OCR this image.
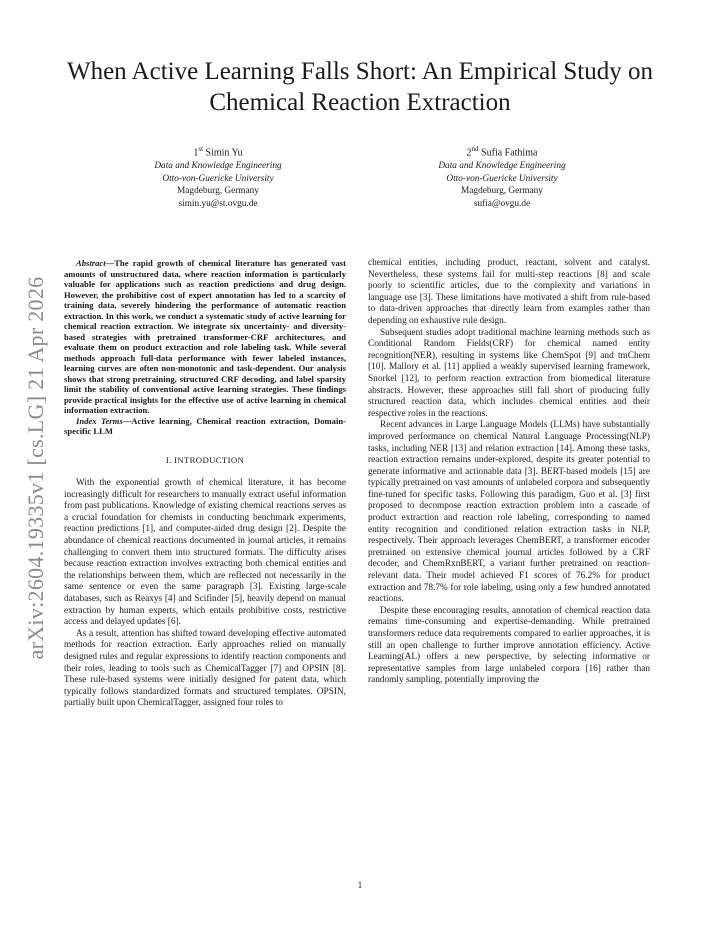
arXiv:2604.19335v1 [cs.LG] 21 Apr 2026
When Active Learning Falls Short: An Empirical Study on Chemical Reaction Extraction
1st Simin Yu
Data and Knowledge Engineering
Otto-von-Guericke University
Magdeburg, Germany
simin.yu@st.ovgu.de
2nd Sufia Fathima
Data and Knowledge Engineering
Otto-von-Guericke University
Magdeburg, Germany
sufia@ovgu.de

Abstract—The rapid growth of chemical literature has generated vast amounts of unstructured data, where reaction information is particularly valuable for applications such as reaction predictions and drug design. However, the prohibitive cost of expert annotation has led to a scarcity of training data, severely hindering the performance of automatic reaction extraction. In this work, we conduct a systematic study of active learning for chemical reaction extraction. We integrate six uncertainty- and diversity-based strategies with pretrained transformer-CRF architectures, and evaluate them on product extraction and role labeling task. While several methods approach full-data performance with fewer labeled instances, learning curves are often non-monotonic and task-dependent. Our analysis shows that strong pretraining, structured CRF decoding, and label sparsity limit the stability of conventional active learning strategies. These findings provide practical insights for the effective use of active learning in chemical information extraction.

Index Terms—Active learning, Chemical reaction extraction, Domain-specific LLM

I. INTRODUCTION

With the exponential growth of chemical literature, it has become increasingly difficult for researchers to manually extract useful information from past publications. Knowledge of existing chemical reactions serves as a crucial foundation for chemists in conducting benchmark experiments, reaction predictions [1], and computer-aided drug design [2]. Despite the abundance of chemical reactions documented in journal articles, it remains challenging to convert them into structured formats. The difficulty arises because reaction extraction involves extracting both chemical entities and the relationships between them, which are reflected not necessarily in the same sentence or even the same paragraph [3]. Existing large-scale databases, such as Reaxys [4] and Scifinder [5], heavily depend on manual extraction by human experts, which entails prohibitive costs, restrictive access and delayed updates [6].

As a result, attention has shifted toward developing effective automated methods for reaction extraction. Early approaches relied on manually designed rules and regular expressions to identify reaction components and their roles, leading to tools such as ChemicalTagger [7] and OPSIN [8]. These rule-based systems were initially designed for patent data, which typically follows standardized formats and structured templates. OPSIN, partially built upon ChemicalTagger, assigned four roles to

chemical entities, including product, reactant, solvent and catalyst. Nevertheless, these systems fail for multi-step reactions [8] and scale poorly to scientific articles, due to the complexity and variations in language use [3]. These limitations have motivated a shift from rule-based to data-driven approaches that directly learn from examples rather than depending on exhaustive rule design.

Subsequent studies adopt traditional machine learning methods such as Conditional Random Fields(CRF) for chemical named entity recognition(NER), resulting in systems like ChemSpot [9] and tmChem [10]. Mallory et al. [11] applied a weakly supervised learning framework, Snorkel [12], to perform reaction extraction from biomedical literature abstracts. However, these approaches still fall short of producing fully structured reaction data, which includes chemical entities and their respective roles in the reactions.

Recent advances in Large Language Models (LLMs) have substantially improved performance on chemical Natural Language Processing(NLP) tasks, including NER [13] and relation extraction [14]. Among these tasks, reaction extraction remains under-explored, despite its greater potential to generate informative and actionable data [3]. BERT-based models [15] are typically pretrained on vast amounts of unlabeled corpora and subsequently fine-tuned for specific tasks. Following this paradigm, Guo et al. [3] first proposed to decompose reaction extraction problem into a cascade of product extraction and reaction role labeling, corresponding to named entity recognition and conditioned relation extraction tasks in NLP, respectively. Their approach leverages ChemBERT, a transformer encoder pretrained on extensive chemical journal articles followed by a CRF decoder, and ChemRxnBERT, a variant further pretrained on reaction-relevant data. Their model achieved F1 scores of 76.2% for product extraction and 78.7% for role labeling, using only a few hundred annotated reactions.

Despite these encouraging results, annotation of chemical reaction data remains time-consuming and expertise-demanding. While pretrained transformers reduce data requirements compared to earlier approaches, it is still an open challenge to further improve annotation efficiency. Active Learning(AL) offers a new perspective, by selecting informative or representative samples from large unlabeled corpora [16] rather than randomly sampling, potentially improving the

1
